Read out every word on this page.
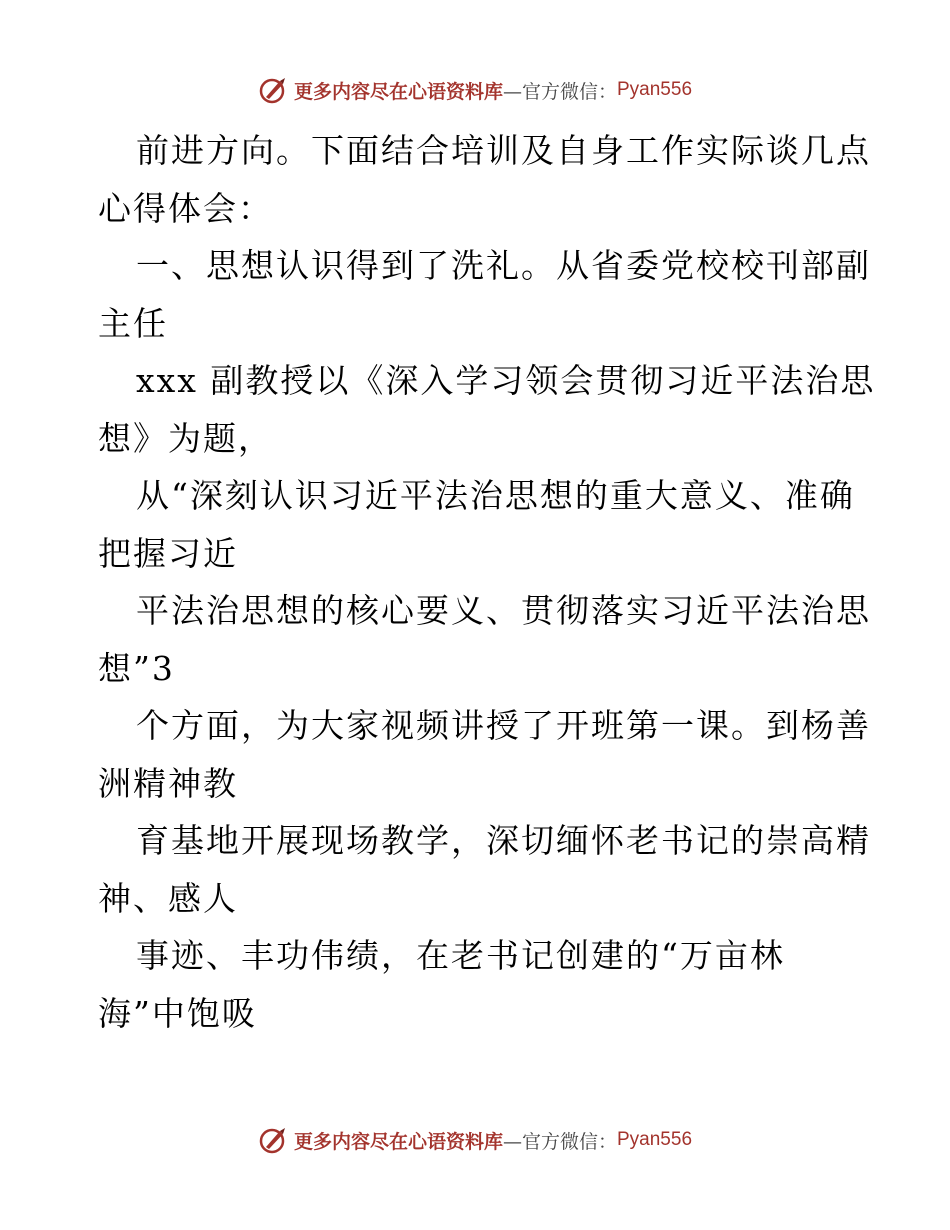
更多内容尽在心语资料库 —官方微信： Pyan556
前进方向。下面结合培训及自身工作实际谈几点
心得体会：
一、思想认识得到了洗礼。从省委党校校刊部副
主任
xxx 副教授以《深入学习领会贯彻习近平法治思
想》为题，
从“深刻认识习近平法治思想的重大意义、准确
把握习近
平法治思想的核心要义、贯彻落实习近平法治思
想”3
个方面，为大家视频讲授了开班第一课。到杨善
洲精神教
育基地开展现场教学，深切缅怀老书记的崇高精
神、感人
事迹、丰功伟绩，在老书记创建的“万亩林
海”中饱吸
更多内容尽在心语资料库 —官方微信： Pyan556
